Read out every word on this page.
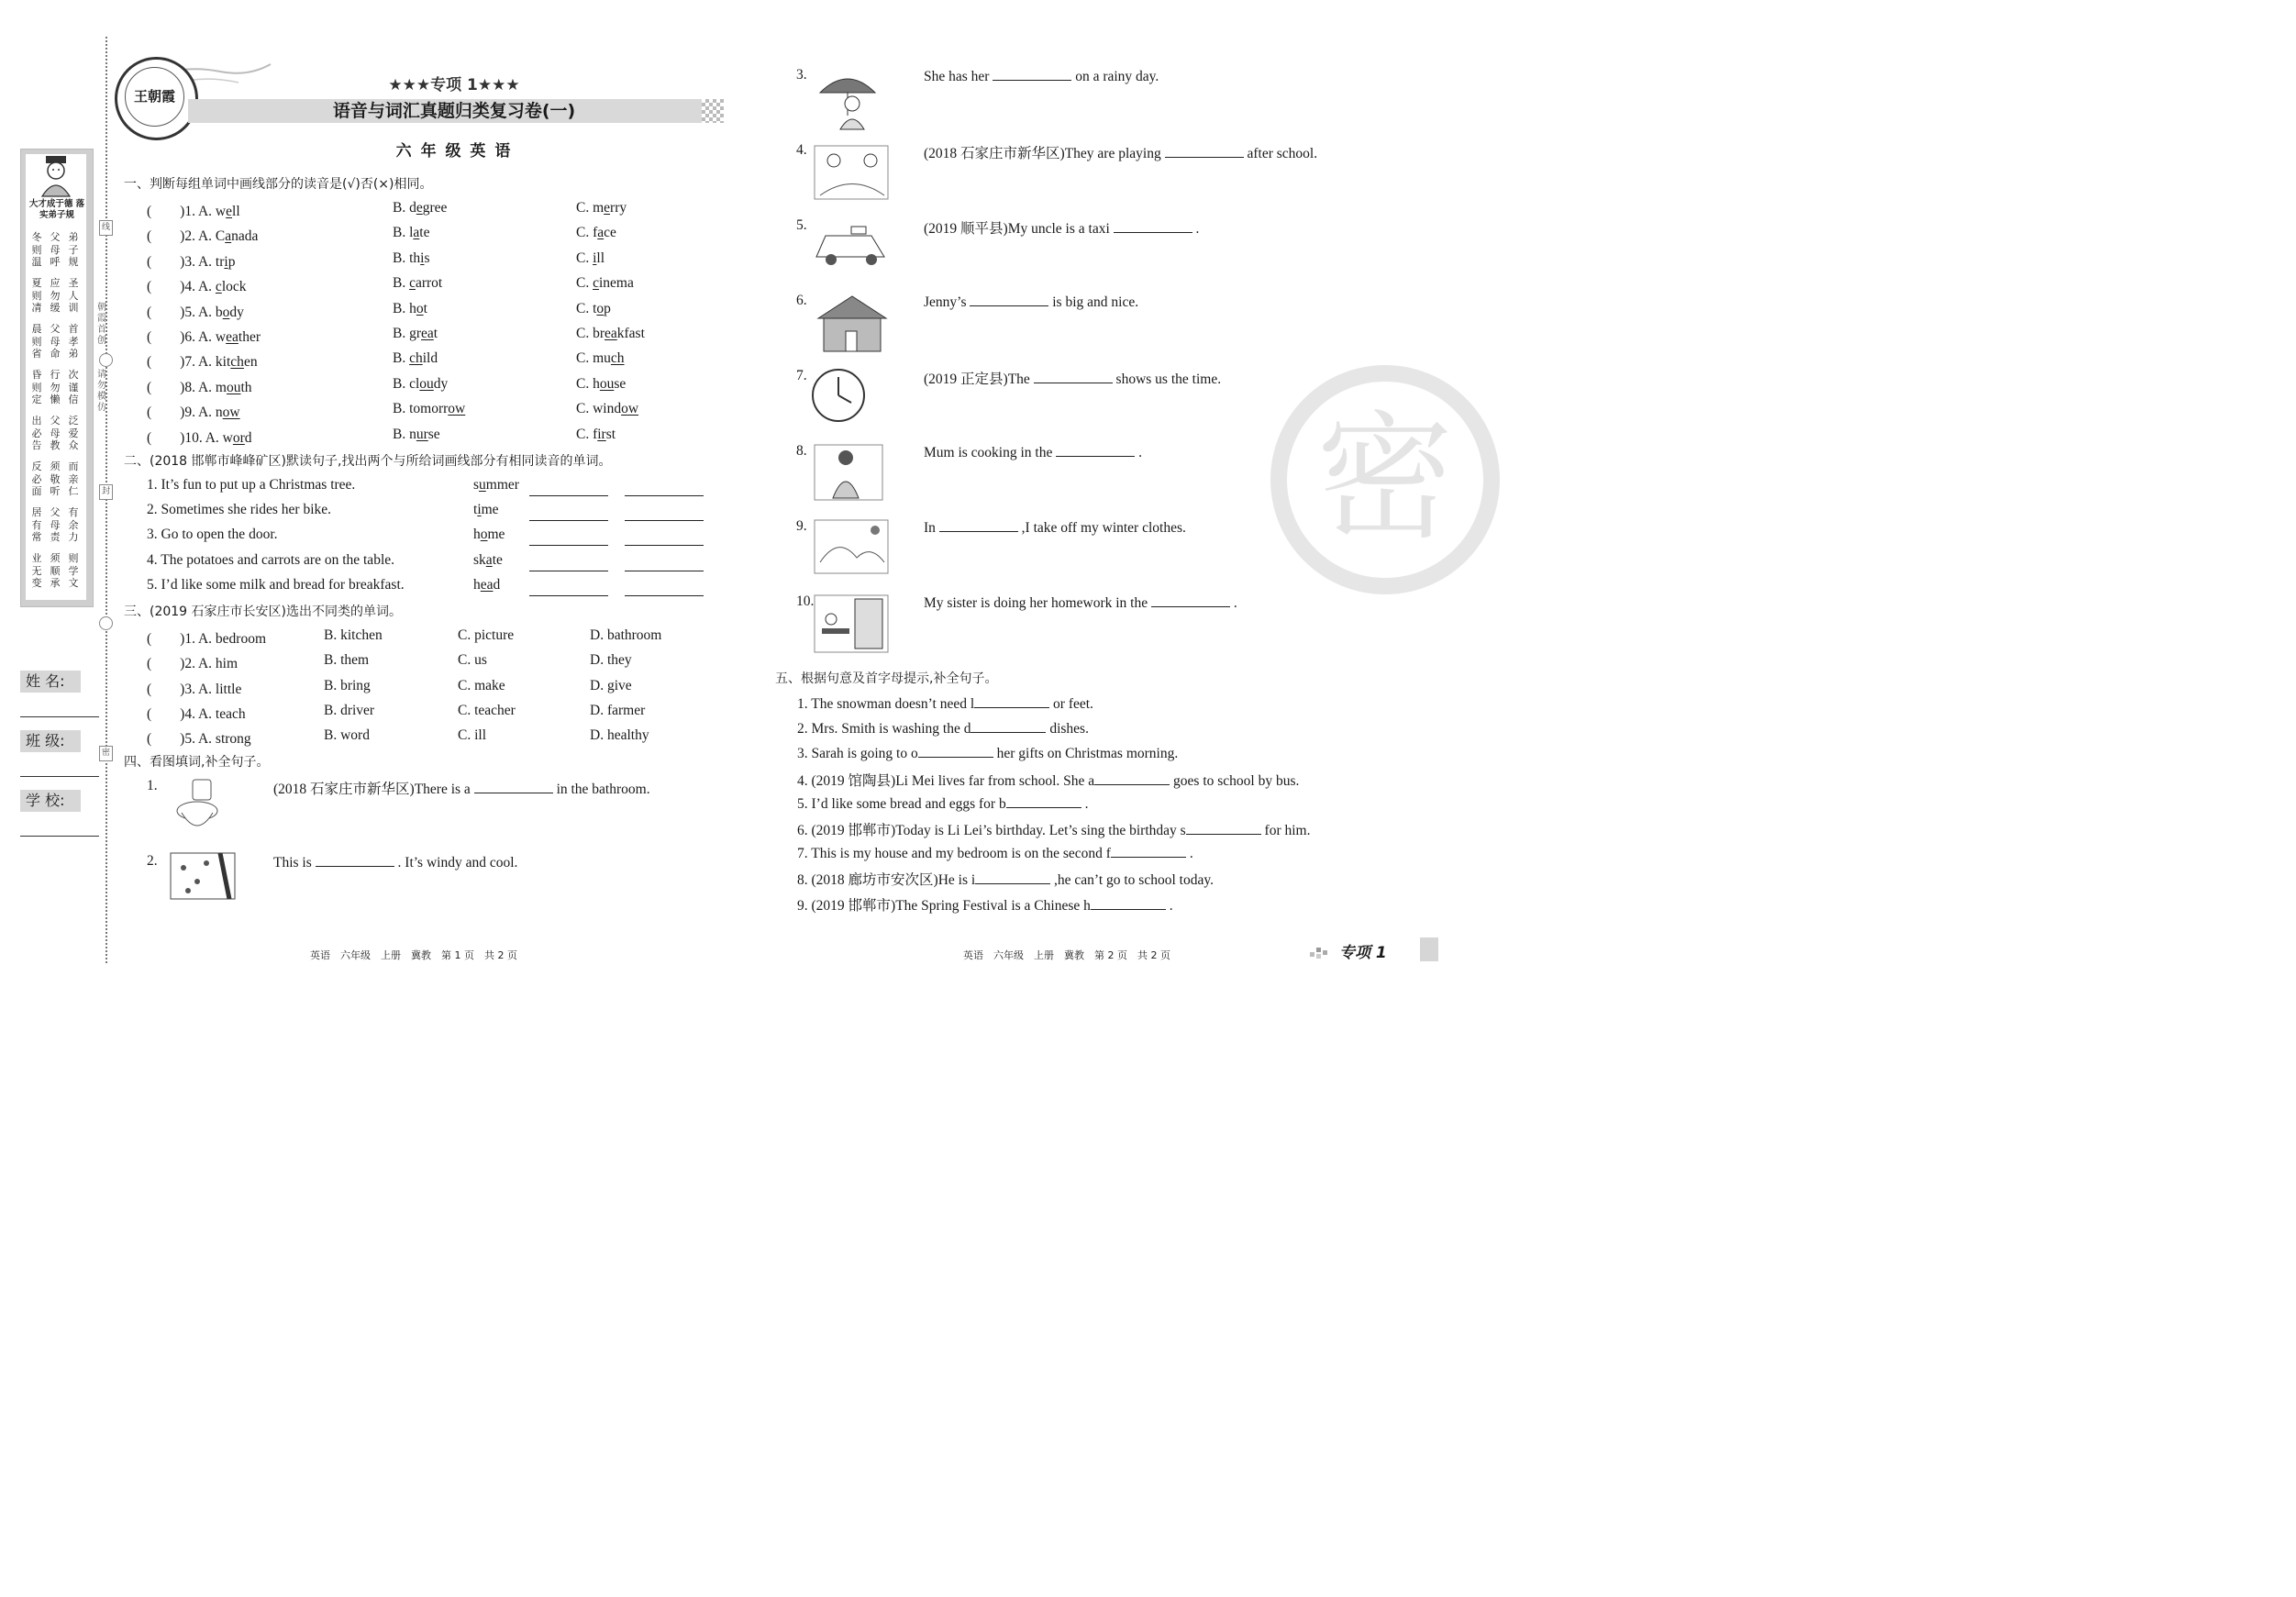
大才成于德 落实弟子规
冬则温
父母呼
弟子规
夏则凊
应勿缓
圣人训
晨则省
父母命
首孝弟
昏则定
行勿懒
次谨信
出必告
父母教
泛爱众
反必面
须敬听
而亲仁
居有常
父母责
有余力
业无变
须顺承
则学文
线
朝霞首创
请勿模仿
封
密
姓 名:
班 级:
学 校:
王朝霞
★★★专项 1★★★
语音与词汇真题归类复习卷(一)
六 年 级 英 语
一、判断每组单词中画线部分的读音是(√)否(×)相同。
(　　)1. A. well	B. degree	C. merry
(　　)2. A. Canada	B. late	C. face
(　　)3. A. trip	B. this	C. ill
(　　)4. A. clock	B. carrot	C. cinema
(　　)5. A. body	B. hot	C. top
(　　)6. A. weather	B. great	C. breakfast
(　　)7. A. kitchen	B. child	C. much
(　　)8. A. mouth	B. cloudy	C. house
(　　)9. A. now	B. tomorrow	C. window
(　　)10. A. word	B. nurse	C. first
二、(2018 邯郸市峰峰矿区)默读句子,找出两个与所给词画线部分有相同读音的单词。
1. It’s fun to put up a Christmas tree.	summer
2. Sometimes she rides her bike.	time
3. Go to open the door.	home
4. The potatoes and carrots are on the table.	skate
5. I’d like some milk and bread for breakfast.	head
三、(2019 石家庄市长安区)选出不同类的单词。
(　　)1. A. bedroom	B. kitchen	C. picture	D. bathroom
(　　)2. A. him	B. them	C. us	D. they
(　　)3. A. little	B. bring	C. make	D. give
(　　)4. A. teach	B. driver	C. teacher	D. farmer
(　　)5. A. strong	B. word	C. ill	D. healthy
四、看图填词,补全句子。
1.	(2018 石家庄市新华区)There is a	in the bathroom.
2.	This is	. It’s windy and cool.
3.	She has her	on a rainy day.
4.	(2018 石家庄市新华区)They are playing	after school.
5.	(2019 顺平县)My uncle is a taxi	.
6.	Jenny’s	is big and nice.
7.	(2019 正定县)The	shows us the time.
8.	Mum is cooking in the	.
9.	In	,I take off my winter clothes.
10.	My sister is doing her homework in the	.
五、根据句意及首字母提示,补全句子。
1. The snowman doesn’t need l	or feet.
2. Mrs. Smith is washing the d	dishes.
3. Sarah is going to o	her gifts on Christmas morning.
4. (2019 馆陶县)Li Mei lives far from school. She a	goes to school by bus.
5. I’d like some bread and eggs for b	.
6. (2019 邯郸市)Today is Li Lei’s birthday. Let’s sing the birthday s	for him.
7. This is my house and my bedroom is on the second f	.
8. (2018 廊坊市安次区)He is i	,he can’t go to school today.
9. (2019 邯郸市)The Spring Festival is a Chinese h	.
英语　六年级　上册　冀教　第 1 页　共 2 页	英语　六年级　上册　冀教　第 2 页　共 2 页	专项 1
密
